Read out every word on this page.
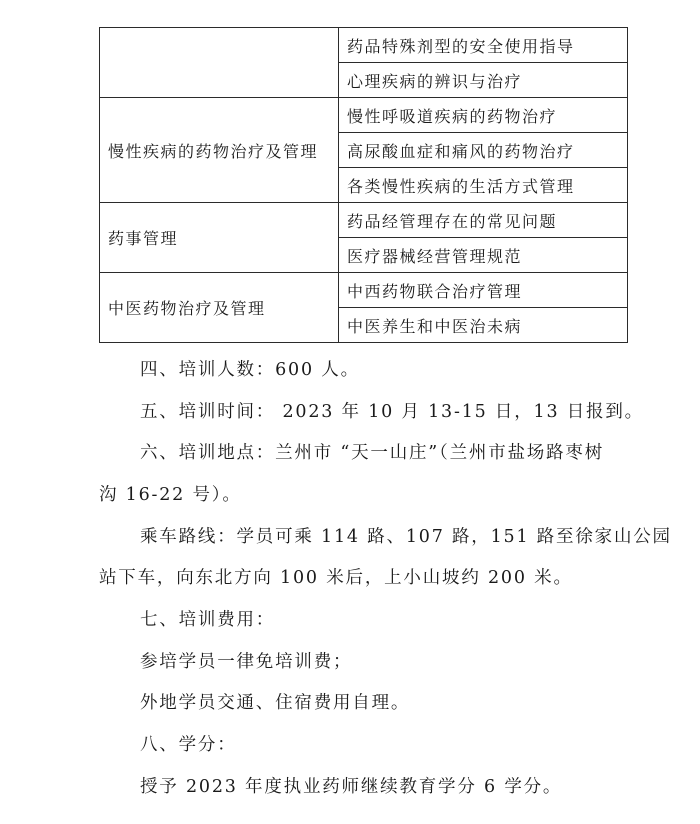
	药品特殊剂型的安全使用指导
	心理疾病的辨识与治疗
慢性疾病的药物治疗及管理	慢性呼吸道疾病的药物治疗
	高尿酸血症和痛风的药物治疗
	各类慢性疾病的生活方式管理
药事管理	药品经管理存在的常见问题
	医疗器械经营管理规范
中医药物治疗及管理	中西药物联合治疗管理
	中医养生和中医治未病
四、培训人数：600 人。
五、培训时间： 2023 年 10 月 13-15 日，13 日报到。
六、培训地点：兰州市 “天一山庄”（兰州市盐场路枣树
沟 16-22 号）。
乘车路线：学员可乘 114 路、107 路，151 路至徐家山公园
站下车，向东北方向 100 米后，上小山坡约 200 米。
七、培训费用：
参培学员一律免培训费；
外地学员交通、住宿费用自理。
八、学分：
授予 2023 年度执业药师继续教育学分 6 学分。
